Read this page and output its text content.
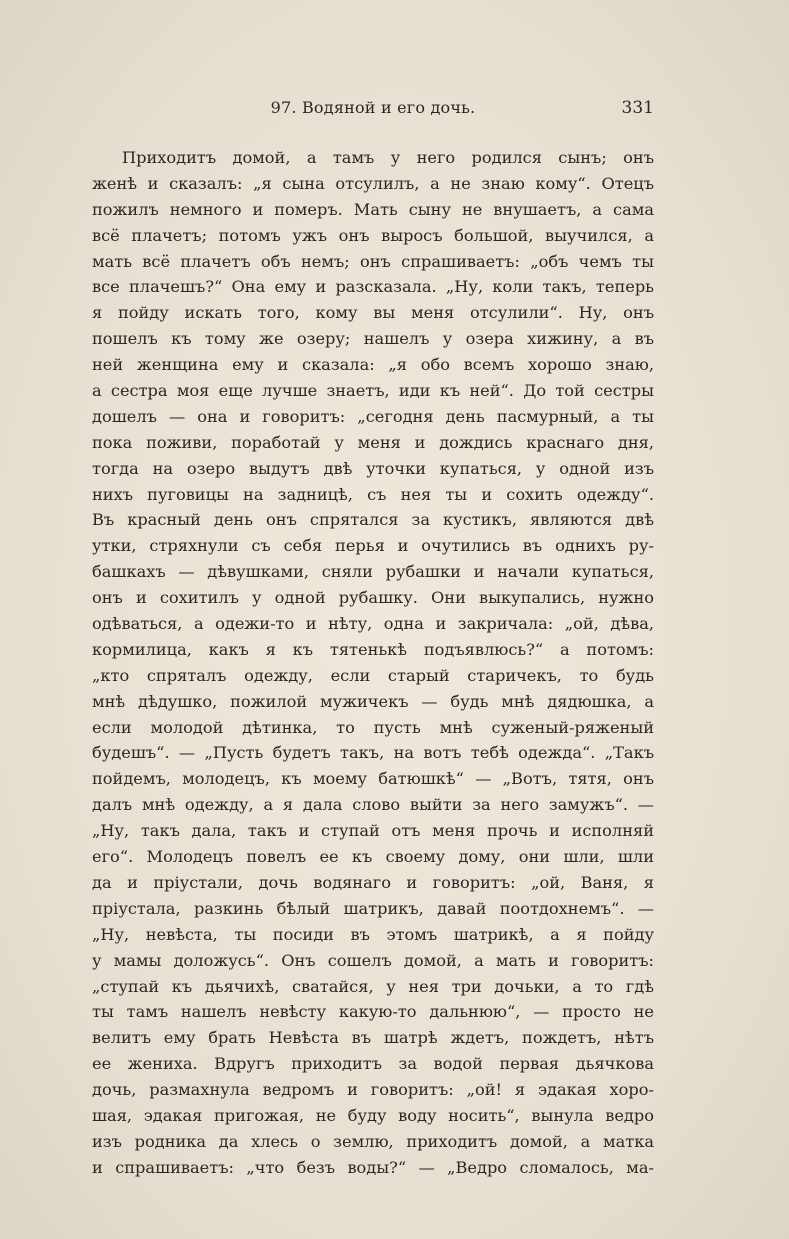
97. Водяной и его дочь.	331
Приходитъ домой, а тамъ у него родился сынъ; онъ
женѣ и сказалъ: „я сына отсулилъ, а не знаю кому“. Отецъ
пожилъ немного и померъ. Мать сыну не внушаетъ, а сама
всё плачетъ; потомъ ужъ онъ выросъ большой, выучился, а
мать всё плачетъ объ немъ; онъ спрашиваетъ: „объ чемъ ты
все плачешъ?“ Она ему и разсказала. „Ну, коли такъ, теперь
я пойду искать того, кому вы меня отсулили“. Ну, онъ
пошелъ къ тому же озеру; нашелъ у озера хижину, а въ
ней женщина ему и сказала: „я обо всемъ хорошо знаю,
а сестра моя еще лучше знаетъ, иди къ ней“. До той сестры
дошелъ — она и говоритъ: „сегодня день пасмурный, а ты
пока поживи, поработай у меня и дождись краснаго дня,
тогда на озеро выдутъ двѣ уточки купаться, у одной изъ
нихъ пуговицы на задницѣ, съ нея ты и сохить одежду“.
Въ красный день онъ спрятался за кустикъ, являются двѣ
утки, стряхнули съ себя перья и очутились въ однихъ ру-
башкахъ — дѣвушками, сняли рубашки и начали купаться,
онъ и сохитилъ у одной рубашку. Они выкупались, нужно
одѣваться, а одежи-то и нѣту, одна и закричала: „ой, дѣва,
кормилица, какъ я къ тятенькѣ подъявлюсь?“ а потомъ:
„кто спряталъ одежду, если старый старичекъ, то будь
мнѣ дѣдушко, пожилой мужичекъ — будь мнѣ дядюшка, а
если молодой дѣтинка, то пусть мнѣ суженый-ряженый
будешъ“. — „Пусть будетъ такъ, на вотъ тебѣ одежда“. „Такъ
пойдемъ, молодецъ, къ моему батюшкѣ“ — „Вотъ, тятя, онъ
далъ мнѣ одежду, а я дала слово выйти за него замужъ“. —
„Ну, такъ дала, такъ и ступай отъ меня прочь и исполняй
его“. Молодецъ повелъ ее къ своему дому, они шли, шли
да и пріустали, дочь водянаго и говоритъ: „ой, Ваня, я
пріустала, разкинь бѣлый шатрикъ, давай поотдохнемъ“. —
„Ну, невѣста, ты посиди въ этомъ шатрикѣ, а я пойду
у мамы доложусь“. Онъ сошелъ домой, а мать и говоритъ:
„ступай къ дьячихѣ, сватайся, у нея три дочьки, а то гдѣ
ты тамъ нашелъ невѣсту какую-то дальнюю“, — просто не
велитъ ему брать Невѣста въ шатрѣ ждетъ, пождетъ, нѣтъ
ее жениха. Вдругъ приходитъ за водой первая дьячкова
дочь, размахнула ведромъ и говоритъ: „ой! я эдакая хоро-
шая, эдакая пригожая, не буду воду носить“, вынула ведро
изъ родника да хлесь о землю, приходитъ домой, а матка
и спрашиваетъ: „что безъ воды?“ — „Ведро сломалось, ма-
